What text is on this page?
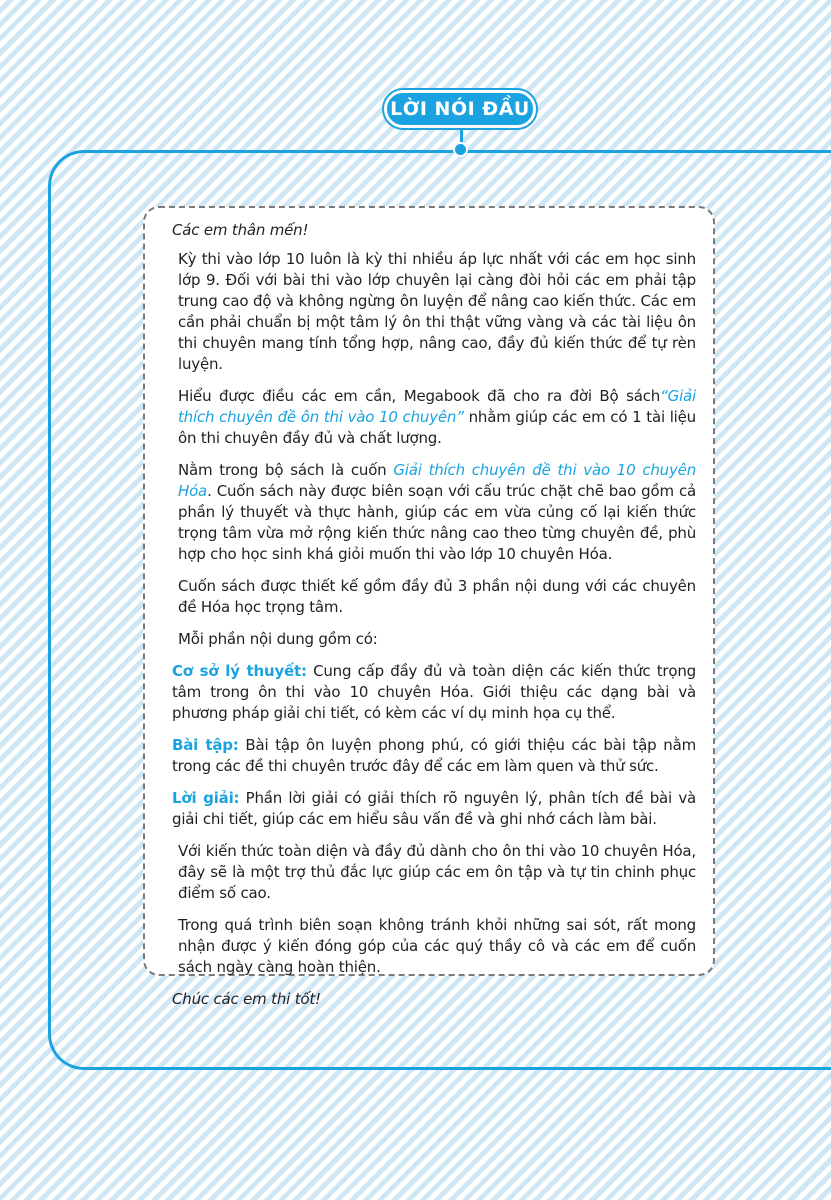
LỜI NÓI ĐẦU

Các em thân mến!

Kỳ thi vào lớp 10 luôn là kỳ thi nhiều áp lực nhất với các em học sinh lớp 9. Đối với bài thi vào lớp chuyên lại càng đòi hỏi các em phải tập trung cao độ và không ngừng ôn luyện để nâng cao kiến thức. Các em cần phải chuẩn bị một tâm lý ôn thi thật vững vàng và các tài liệu ôn thi chuyên mang tính tổng hợp, nâng cao, đầy đủ kiến thức để tự rèn luyện.

Hiểu được điều các em cần, Megabook đã cho ra đời Bộ sách“Giải thích chuyên đề ôn thi vào 10 chuyên” nhằm giúp các em có 1 tài liệu ôn thi chuyên đầy đủ và chất lượng.

Nằm trong bộ sách là cuốn Giải thích chuyên đề thi vào 10 chuyên Hóa. Cuốn sách này được biên soạn với cấu trúc chặt chẽ bao gồm cả phần lý thuyết và thực hành, giúp các em vừa củng cố lại kiến thức trọng tâm vừa mở rộng kiến thức nâng cao theo từng chuyên đề, phù hợp cho học sinh khá giỏi muốn thi vào lớp 10 chuyên Hóa.

Cuốn sách được thiết kế gồm đầy đủ 3 phần nội dung với các chuyên đề Hóa học trọng tâm.

Mỗi phần nội dung gồm có:

Cơ sở lý thuyết: Cung cấp đầy đủ và toàn diện các kiến thức trọng tâm trong ôn thi vào 10 chuyên Hóa. Giới thiệu các dạng bài và phương pháp giải chi tiết, có kèm các ví dụ minh họa cụ thể.

Bài tập: Bài tập ôn luyện phong phú, có giới thiệu các bài tập nằm trong các đề thi chuyên trước đây để các em làm quen và thử sức.

Lời giải: Phần lời giải có giải thích rõ nguyên lý, phân tích đề bài và giải chi tiết, giúp các em hiểu sâu vấn đề và ghi nhớ cách làm bài.

Với kiến thức toàn diện và đầy đủ dành cho ôn thi vào 10 chuyên Hóa, đây sẽ là một trợ thủ đắc lực giúp các em ôn tập và tự tin chinh phục điểm số cao.

Trong quá trình biên soạn không tránh khỏi những sai sót, rất mong nhận được ý kiến đóng góp của các quý thầy cô và các em để cuốn sách ngày càng hoàn thiện.

Chúc các em thi tốt!
